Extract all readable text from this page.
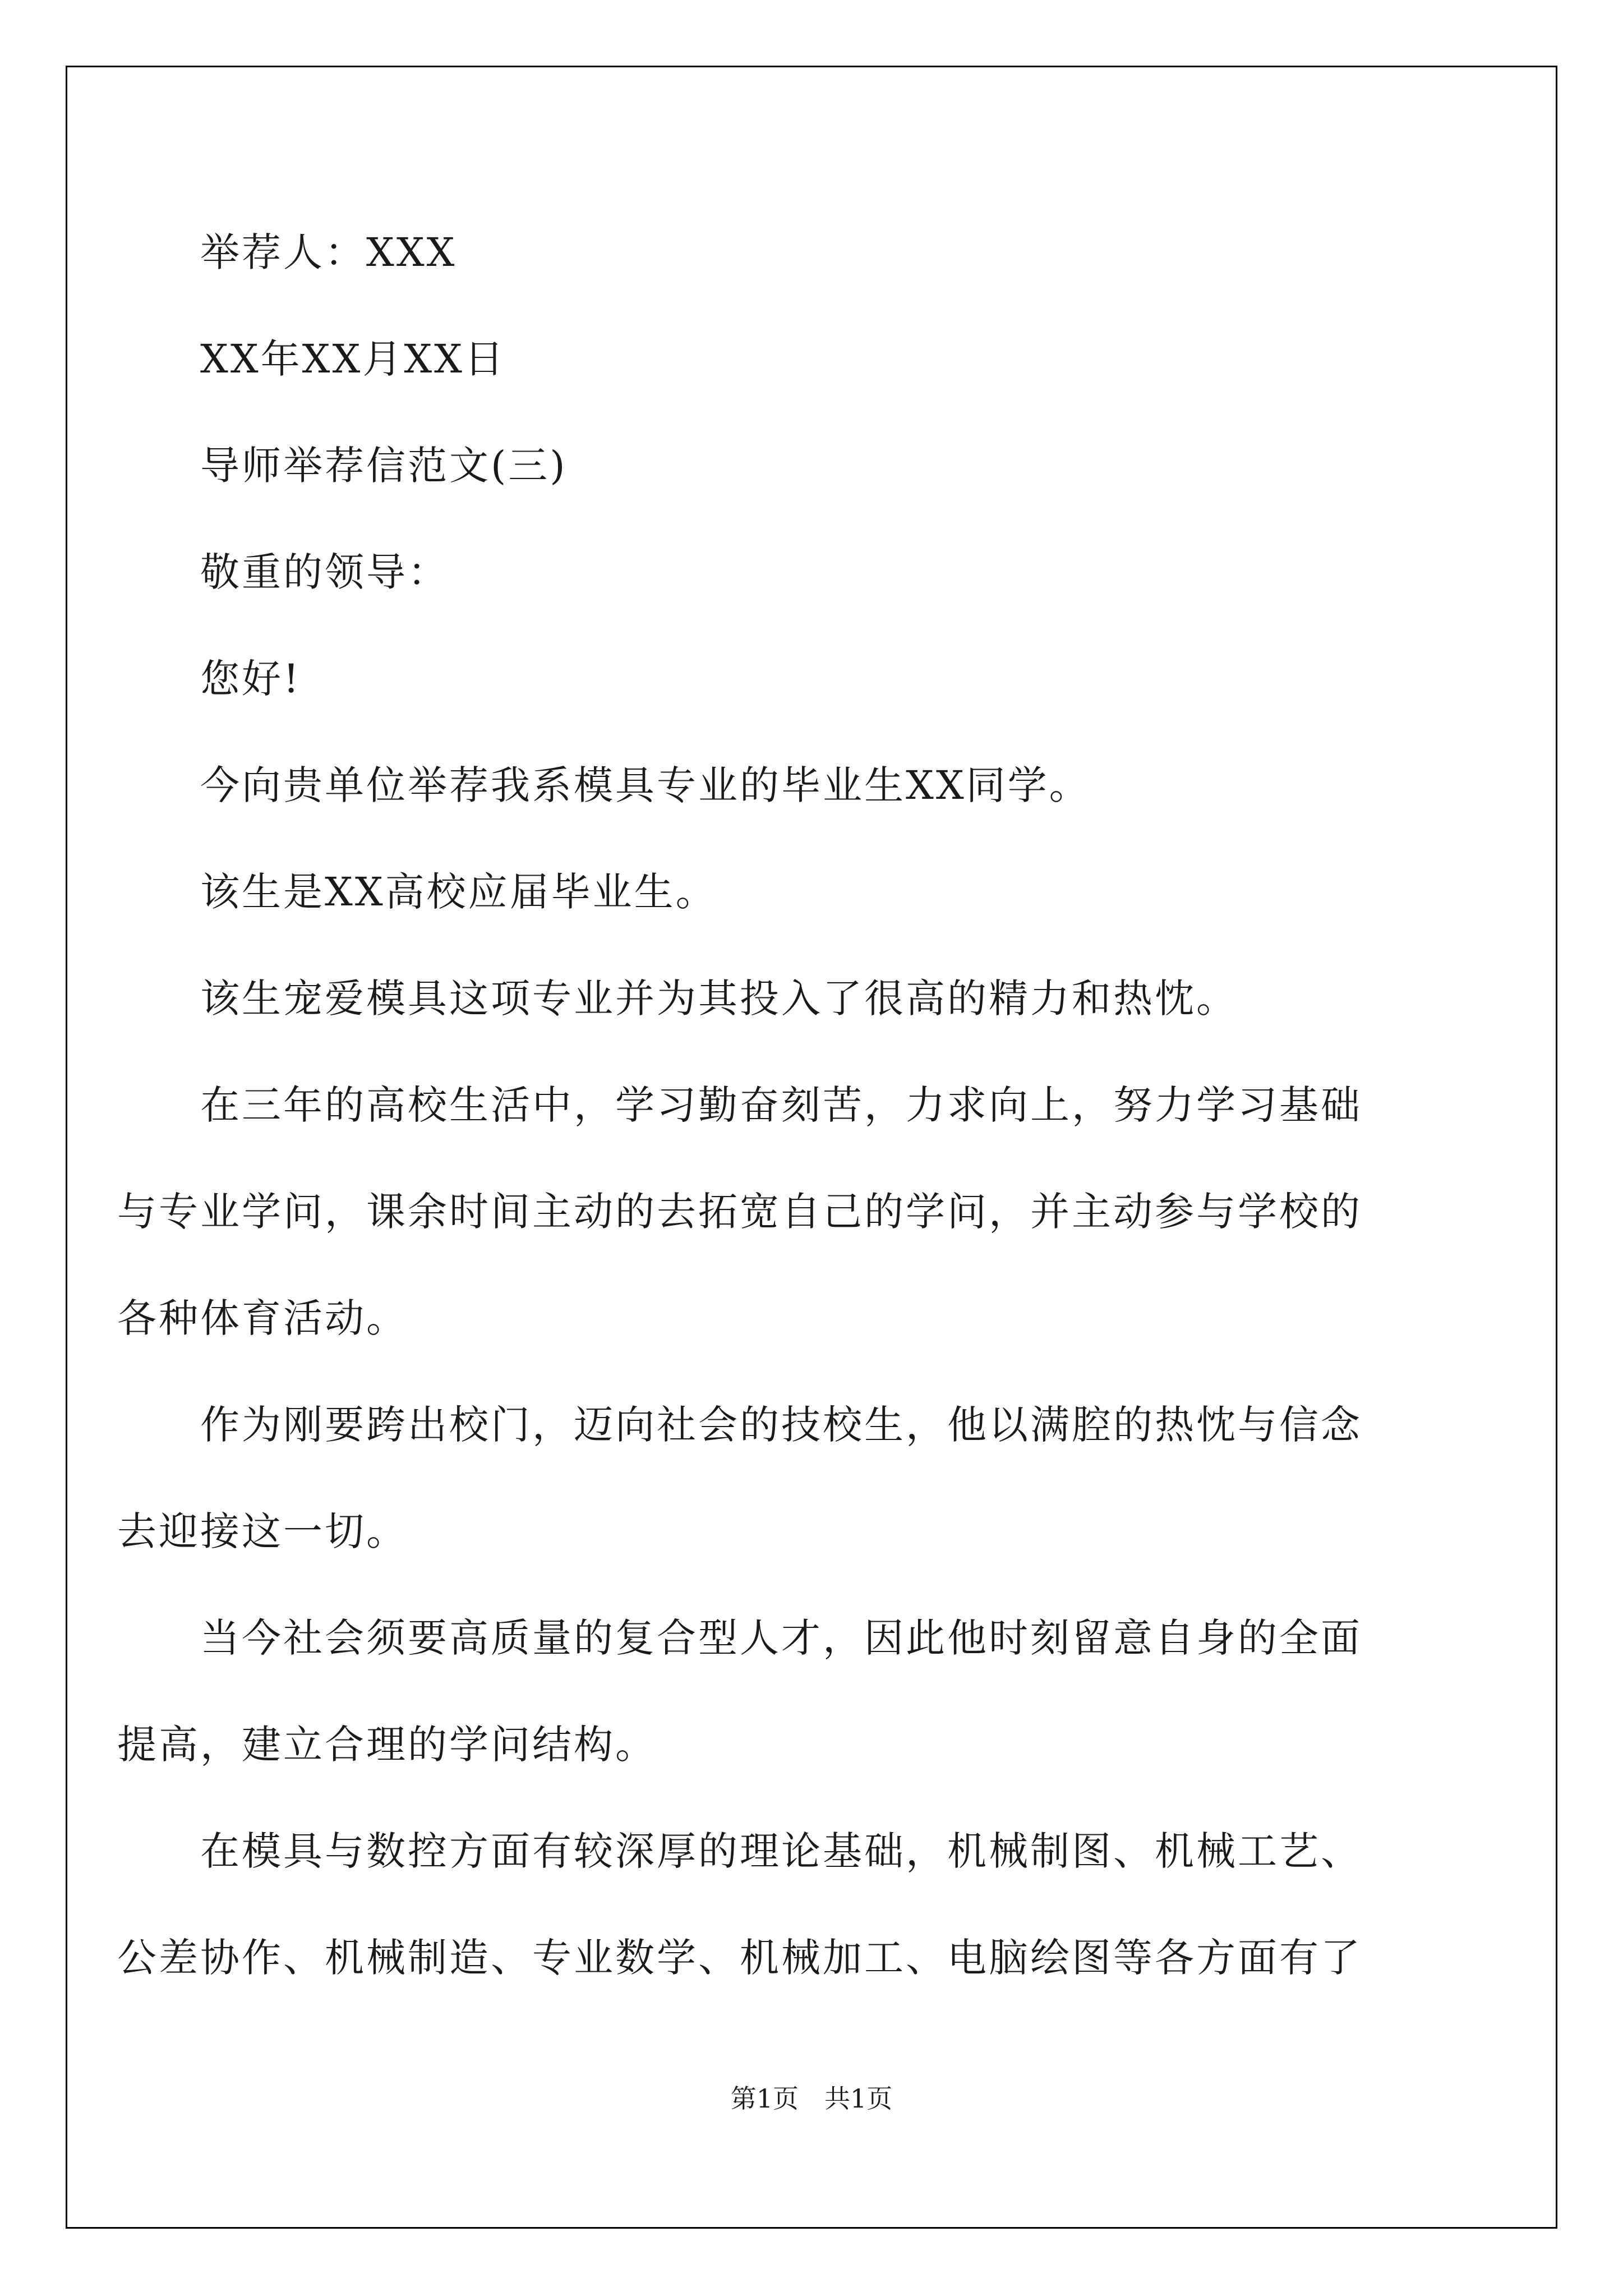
举荐人：XXX
XX年XX月XX日
导师举荐信范文(三)
敬重的领导：
您好!
今向贵单位举荐我系模具专业的毕业生XX同学。
该生是XX高校应届毕业生。
该生宠爱模具这项专业并为其投入了很高的精力和热忱。
在三年的高校生活中，学习勤奋刻苦，力求向上，努力学习基础
与专业学问，课余时间主动的去拓宽自己的学问，并主动参与学校的
各种体育活动。
作为刚要跨出校门，迈向社会的技校生，他以满腔的热忱与信念
去迎接这一切。
当今社会须要高质量的复合型人才，因此他时刻留意自身的全面
提高，建立合理的学问结构。
在模具与数控方面有较深厚的理论基础，机械制图、机械工艺、
公差协作、机械制造、专业数学、机械加工、电脑绘图等各方面有了
第1页　共1页
